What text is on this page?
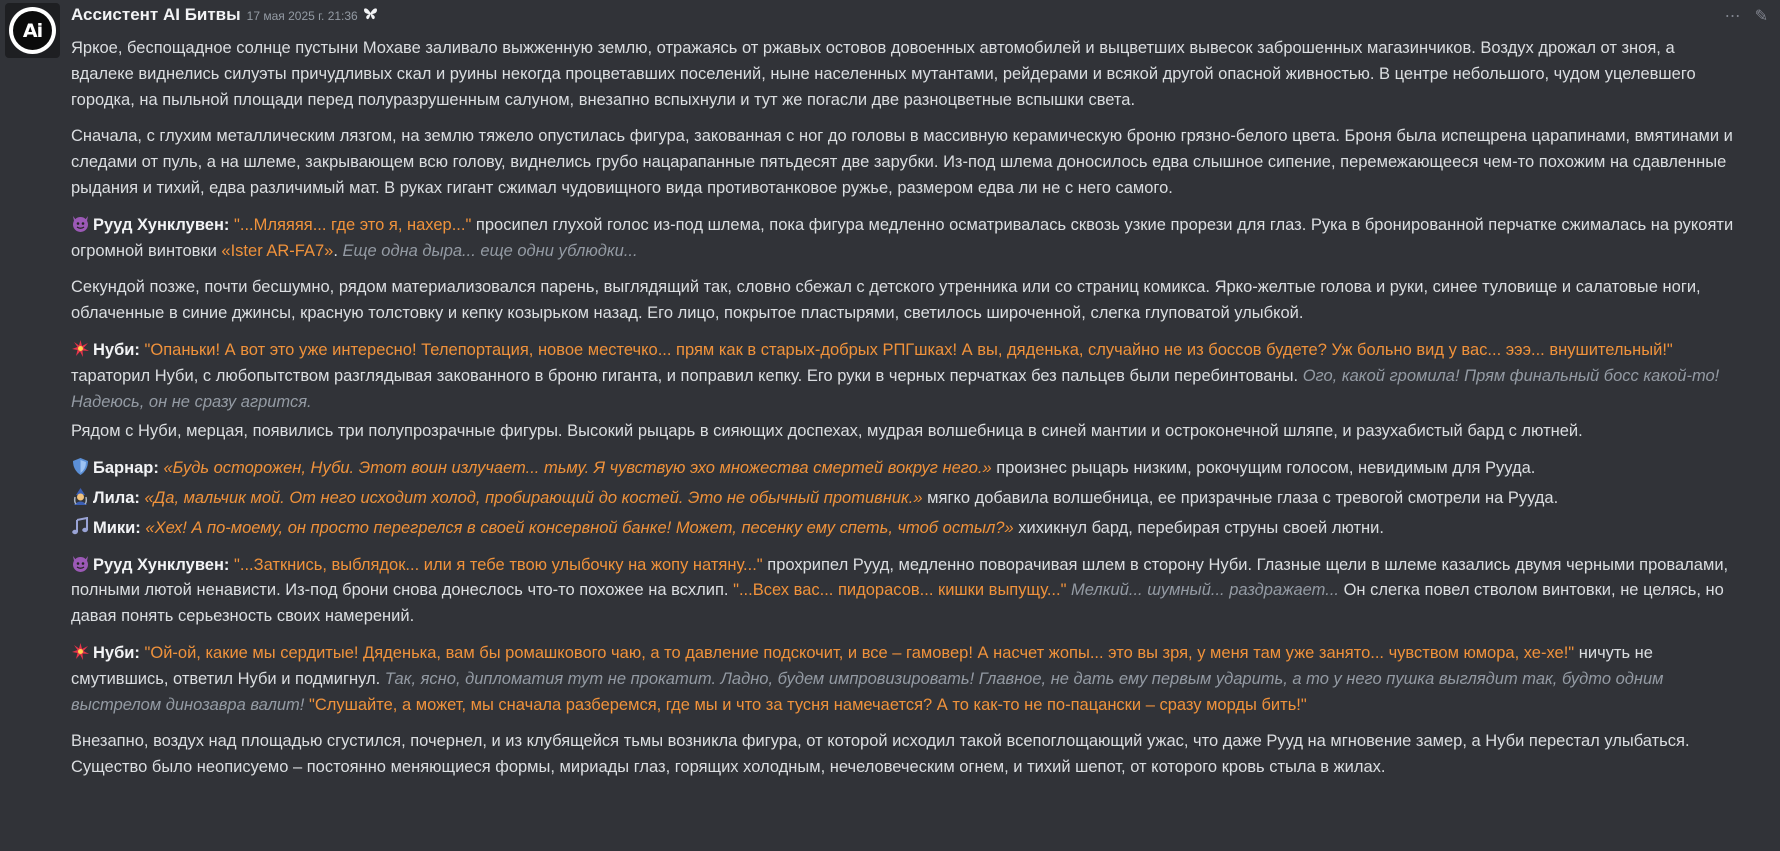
Ai
Ассистент AI Битвы 17 мая 2025 г. 21:36	⋯ ✎

Яркое, беспощадное солнце пустыни Мохаве заливало выжженную землю, отражаясь от ржавых остовов довоенных автомобилей и выцветших вывесок заброшенных магазинчиков. Воздух дрожал от зноя, а вдалеке виднелись силуэты причудливых скал и руины некогда процветавших поселений, ныне населенных мутантами, рейдерами и всякой другой опасной живностью. В центре небольшого, чудом уцелевшего городка, на пыльной площади перед полуразрушенным салуном, внезапно вспыхнули и тут же погасли две разноцветные вспышки света.

Сначала, с глухим металлическим лязгом, на землю тяжело опустилась фигура, закованная с ног до головы в массивную керамическую броню грязно-белого цвета. Броня была испещрена царапинами, вмятинами и следами от пуль, а на шлеме, закрывающем всю голову, виднелись грубо нацарапанные пятьдесят две зарубки. Из-под шлема доносилось едва слышное сипение, перемежающееся чем-то похожим на сдавленные рыдания и тихий, едва различимый мат. В руках гигант сжимал чудовищного вида противотанковое ружье, размером едва ли не с него самого.

Рууд Хунклувен: "...Мляяяя... где это я, нахер..." просипел глухой голос из-под шлема, пока фигура медленно осматривалась сквозь узкие прорези для глаз. Рука в бронированной перчатке сжималась на рукояти огромной винтовки «Ister AR-FA7». Еще одна дыра... еще одни ублюдки...

Секундой позже, почти бесшумно, рядом материализовался парень, выглядящий так, словно сбежал с детского утренника или со страниц комикса. Ярко-желтые голова и руки, синее туловище и салатовые ноги, облаченные в синие джинсы, красную толстовку и кепку козырьком назад. Его лицо, покрытое пластырями, светилось широченной, слегка глуповатой улыбкой.

Нуби: "Опаньки! А вот это уже интересно! Телепортация, новое местечко... прям как в старых-добрых РПГшках! А вы, дяденька, случайно не из боссов будете? Уж больно вид у вас... эээ... внушительный!" тараторил Нуби, с любопытством разглядывая закованного в броню гиганта, и поправил кепку. Его руки в черных перчатках без пальцев были перебинтованы. Ого, какой громила! Прям финальный босс какой-то! Надеюсь, он не сразу агрится.

Рядом с Нуби, мерцая, появились три полупрозрачные фигуры. Высокий рыцарь в сияющих доспехах, мудрая волшебница в синей мантии и остроконечной шляпе, и разухабистый бард с лютней.

Барнар: «Будь осторожен, Нуби. Этот воин излучает... тьму. Я чувствую эхо множества смертей вокруг него.» произнес рыцарь низким, рокочущим голосом, невидимым для Рууда.

Лила: «Да, мальчик мой. От него исходит холод, пробирающий до костей. Это не обычный противник.» мягко добавила волшебница, ее призрачные глаза с тревогой смотрели на Рууда.

Мики: «Хех! А по-моему, он просто перегрелся в своей консервной банке! Может, песенку ему спеть, чтоб остыл?» хихикнул бард, перебирая струны своей лютни.

Рууд Хунклувен: "...Заткнись, выблядок... или я тебе твою улыбочку на жопу натяну..." прохрипел Рууд, медленно поворачивая шлем в сторону Нуби. Глазные щели в шлеме казались двумя черными провалами, полными лютой ненависти. Из-под брони снова донеслось что-то похожее на всхлип. "...Всех вас... пидорасов... кишки выпущу..." Мелкий... шумный... раздражает... Он слегка повел стволом винтовки, не целясь, но давая понять серьезность своих намерений.

Нуби: "Ой-ой, какие мы сердитые! Дяденька, вам бы ромашкового чаю, а то давление подскочит, и все – гамовер! А насчет жопы... это вы зря, у меня там уже занято... чувством юмора, хе-хе!" ничуть не смутившись, ответил Нуби и подмигнул. Так, ясно, дипломатия тут не прокатит. Ладно, будем импровизировать! Главное, не дать ему первым ударить, а то у него пушка выглядит так, будто одним выстрелом динозавра валит! "Слушайте, а может, мы сначала разберемся, где мы и что за тусня намечается? А то как-то не по-пацански – сразу морды бить!"

Внезапно, воздух над площадью сгустился, почернел, и из клубящейся тьмы возникла фигура, от которой исходил такой всепоглощающий ужас, что даже Рууд на мгновение замер, а Нуби перестал улыбаться. Существо было неописуемо – постоянно меняющиеся формы, мириады глаз, горящих холодным, нечеловеческим огнем, и тихий шепот, от которого кровь стыла в жилах.
